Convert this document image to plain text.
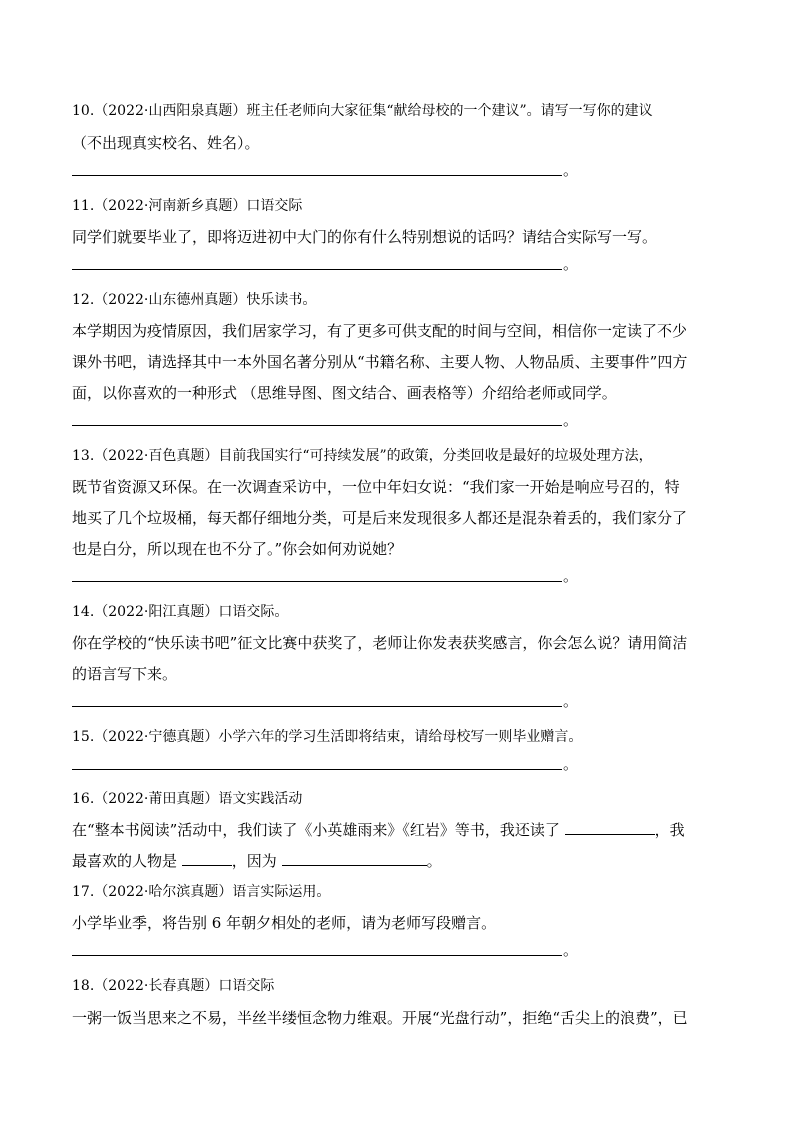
10.（2022·山西阳泉真题）班主任老师向大家征集“献给母校的一个建议”。请写一写你的建议
（不出现真实校名、姓名）。
。
11.（2022·河南新乡真题）口语交际
同学们就要毕业了，即将迈进初中大门的你有什么特别想说的话吗？请结合实际写一写。
。
12.（2022·山东德州真题）快乐读书。
本学期因为疫情原因，我们居家学习，有了更多可供支配的时间与空间，相信你一定读了不少
课外书吧，请选择其中一本外国名著分别从“书籍名称、主要人物、人物品质、主要事件”四方
面，以你喜欢的一种形式 （思维导图、图文结合、画表格等）介绍给老师或同学。
。
13.（2022·百色真题）目前我国实行“可持续发展”的政策，分类回收是最好的垃圾处理方法，
既节省资源又环保。在一次调查采访中，一位中年妇女说：“我们家一开始是响应号召的，特
地买了几个垃圾桶，每天都仔细地分类，可是后来发现很多人都还是混杂着丢的，我们家分了
也是白分，所以现在也不分了。”你会如何劝说她？
。
14.（2022·阳江真题）口语交际。
你在学校的“快乐读书吧”征文比赛中获奖了，老师让你发表获奖感言，你会怎么说？请用简洁
的语言写下来。
。
15.（2022·宁德真题）小学六年的学习生活即将结束，请给母校写一则毕业赠言。
。
16.（2022·莆田真题）语文实践活动
在“整本书阅读”活动中，我们读了《小英雄雨来》《红岩》等书，我还读了	，我
最喜欢的人物是	，因为	。
17.（2022·哈尔滨真题）语言实际运用。
小学毕业季，将告别 6 年朝夕相处的老师，请为老师写段赠言。
。
18.（2022·长春真题）口语交际
一粥一饭当思来之不易，半丝半缕恒念物力维艰。开展“光盘行动”，拒绝“舌尖上的浪费”，已
